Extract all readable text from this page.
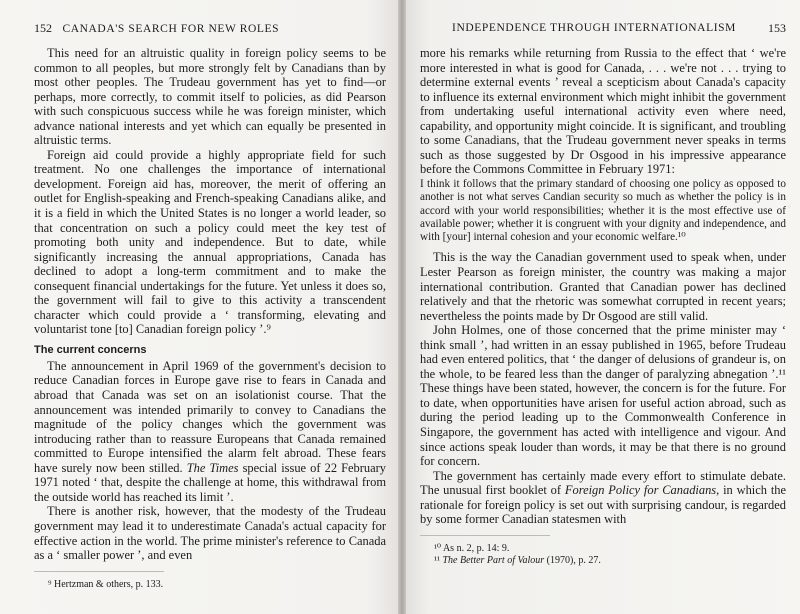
152 CANADA'S SEARCH FOR NEW ROLES

This need for an altruistic quality in foreign policy seems to be common to all peoples, but more strongly felt by Canadians than by most other peoples. The Trudeau government has yet to find—or perhaps, more correctly, to commit itself to policies, as did Pearson with such conspicuous success while he was foreign minister, which advance national interests and yet which can equally be presented in altruistic terms.

Foreign aid could provide a highly appropriate field for such treatment. No one challenges the importance of international development. Foreign aid has, moreover, the merit of offering an outlet for English-speaking and French-speaking Canadians alike, and it is a field in which the United States is no longer a world leader, so that concentration on such a policy could meet the key test of promoting both unity and independence. But to date, while significantly increasing the annual appropriations, Canada has declined to adopt a long-term commitment and to make the consequent financial undertakings for the future. Yet unless it does so, the government will fail to give to this activity a transcendent character which could provide a ‘ transforming, elevating and voluntarist tone [to] Canadian foreign policy ’.⁹

The current concerns

The announcement in April 1969 of the government's decision to reduce Canadian forces in Europe gave rise to fears in Canada and abroad that Canada was set on an isolationist course. That the announcement was intended primarily to convey to Canadians the magnitude of the policy changes which the government was introducing rather than to reassure Europeans that Canada remained committed to Europe intensified the alarm felt abroad. These fears have surely now been stilled. The Times special issue of 22 February 1971 noted ‘ that, despite the challenge at home, this withdrawal from the outside world has reached its limit ’.

There is another risk, however, that the modesty of the Trudeau government may lead it to underestimate Canada's actual capacity for effective action in the world. The prime minister's reference to Canada as a ‘ smaller power ’, and even

⁹ Hertzman & others, p. 133.
INDEPENDENCE THROUGH INTERNATIONALISM	153

more his remarks while returning from Russia to the effect that ‘ we're more interested in what is good for Canada, . . . we're not . . . trying to determine external events ’ reveal a scepticism about Canada's capacity to influence its external environment which might inhibit the government from undertaking useful international activity even where need, capability, and opportunity might coincide. It is significant, and troubling to some Canadians, that the Trudeau government never speaks in terms such as those suggested by Dr Osgood in his impressive appearance before the Commons Committee in February 1971:

I think it follows that the primary standard of choosing one policy as opposed to another is not what serves Candian security so much as whether the policy is in accord with your world responsibilities; whether it is the most effective use of available power; whether it is congruent with your dignity and independence, and with [your] internal cohesion and your economic welfare.¹⁰

This is the way the Canadian government used to speak when, under Lester Pearson as foreign minister, the country was making a major international contribution. Granted that Canadian power has declined relatively and that the rhetoric was somewhat corrupted in recent years; nevertheless the points made by Dr Osgood are still valid.

John Holmes, one of those concerned that the prime minister may ‘ think small ’, had written in an essay published in 1965, before Trudeau had even entered politics, that ‘ the danger of delusions of grandeur is, on the whole, to be feared less than the danger of paralyzing abnegation ’.¹¹ These things have been stated, however, the concern is for the future. For to date, when opportunities have arisen for useful action abroad, such as during the period leading up to the Commonwealth Conference in Singapore, the government has acted with intelligence and vigour. And since actions speak louder than words, it may be that there is no ground for concern.

The government has certainly made every effort to stimulate debate. The unusual first booklet of Foreign Policy for Canadians, in which the rationale for foreign policy is set out with surprising candour, is regarded by some former Canadian statesmen with

¹⁰ As n. 2, p. 14: 9.
¹¹ The Better Part of Valour (1970), p. 27.
